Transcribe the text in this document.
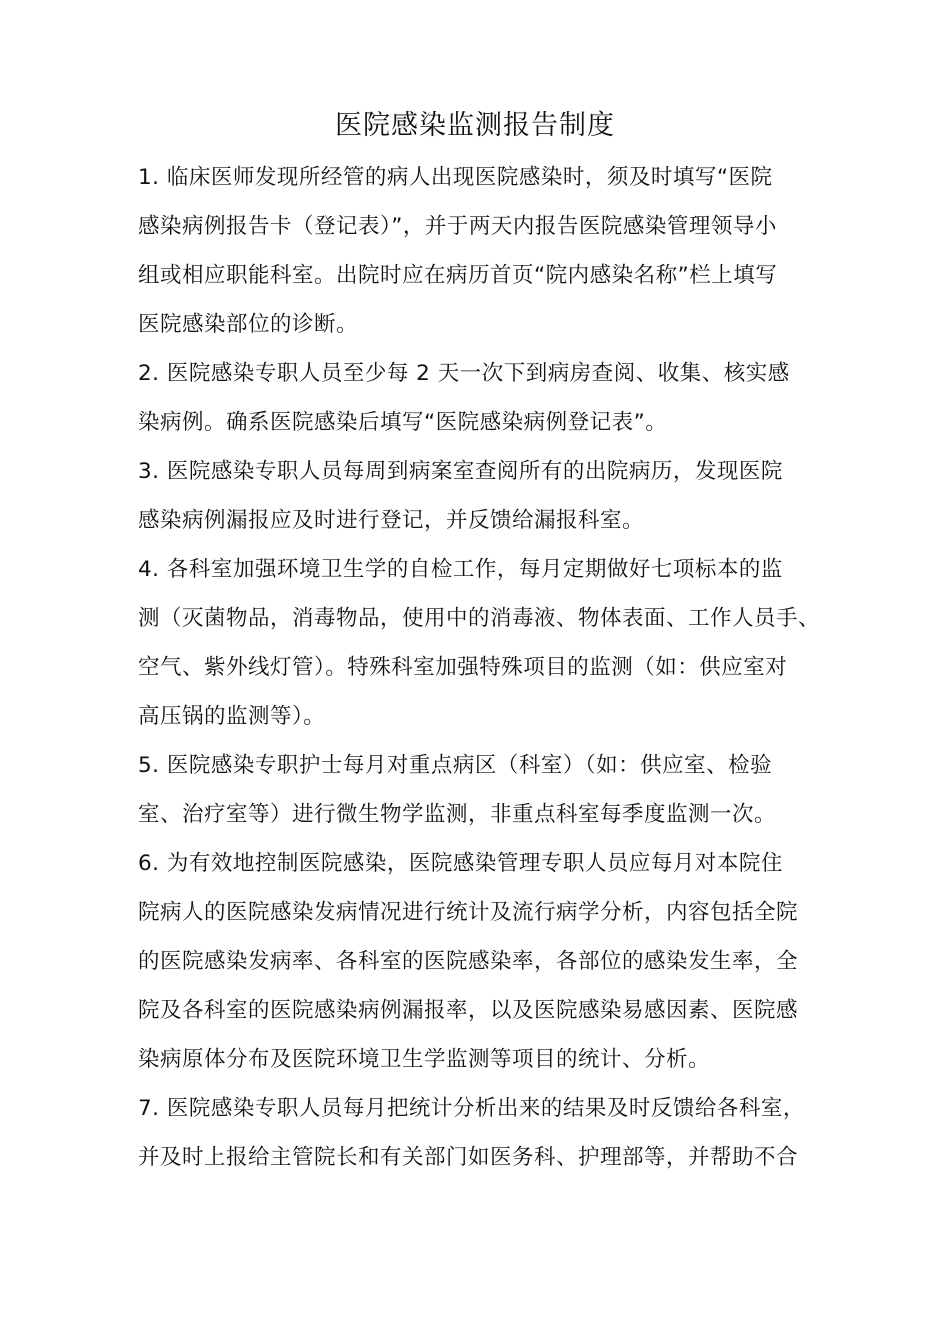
医院感染监测报告制度
1. 临床医师发现所经管的病人出现医院感染时，须及时填写“医院
感染病例报告卡（登记表）”，并于两天内报告医院感染管理领导小
组或相应职能科室。出院时应在病历首页“院内感染名称”栏上填写
医院感染部位的诊断。
2. 医院感染专职人员至少每 2 天一次下到病房查阅、收集、核实感
染病例。确系医院感染后填写“医院感染病例登记表”。
3. 医院感染专职人员每周到病案室查阅所有的出院病历，发现医院
感染病例漏报应及时进行登记，并反馈给漏报科室。
4. 各科室加强环境卫生学的自检工作，每月定期做好七项标本的监
测（灭菌物品，消毒物品，使用中的消毒液、物体表面、工作人员手、
空气、紫外线灯管）。特殊科室加强特殊项目的监测（如：供应室对
高压锅的监测等）。
5. 医院感染专职护士每月对重点病区（科室）（如：供应室、检验
室、治疗室等）进行微生物学监测，非重点科室每季度监测一次。
6. 为有效地控制医院感染，医院感染管理专职人员应每月对本院住
院病人的医院感染发病情况进行统计及流行病学分析，内容包括全院
的医院感染发病率、各科室的医院感染率，各部位的感染发生率，全
院及各科室的医院感染病例漏报率，以及医院感染易感因素、医院感
染病原体分布及医院环境卫生学监测等项目的统计、分析。
7. 医院感染专职人员每月把统计分析出来的结果及时反馈给各科室，
并及时上报给主管院长和有关部门如医务科、护理部等，并帮助不合
